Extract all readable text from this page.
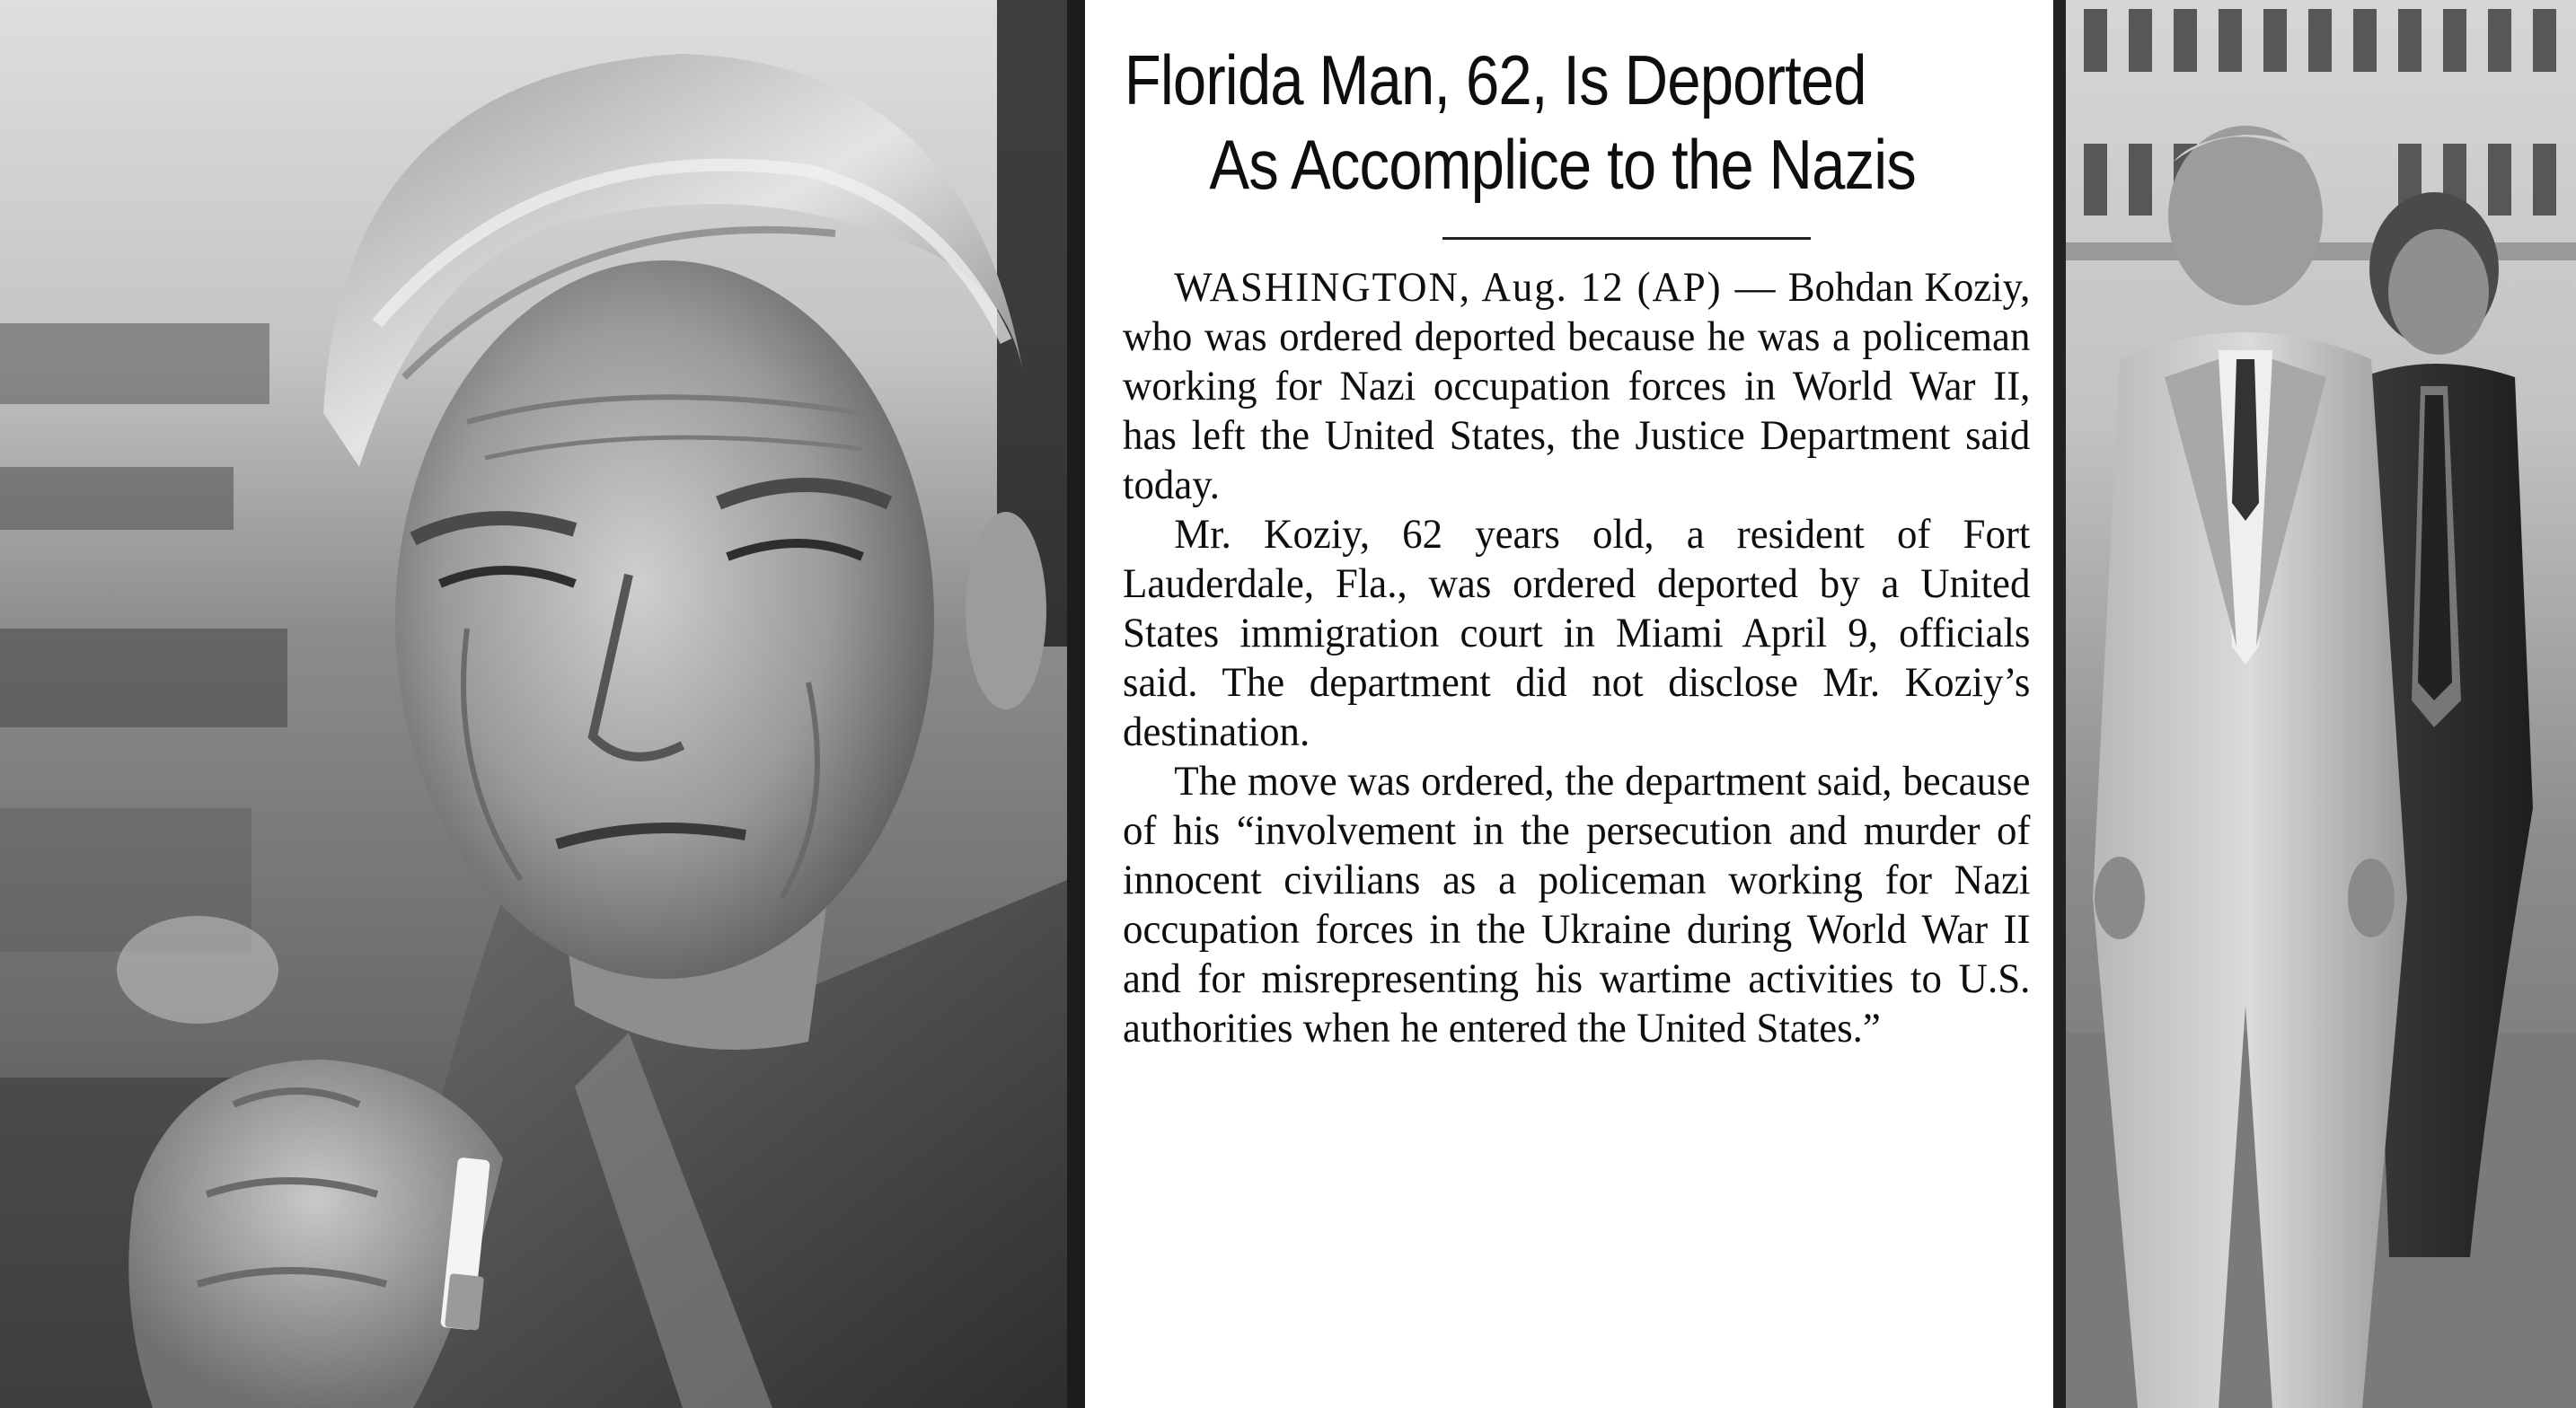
Florida Man, 62, Is Deported
As Accomplice to the Nazis

WASHINGTON, Aug. 12 (AP) — Bohdan Koziy, who was ordered deported because he was a policeman working for Nazi occupation forces in World War II, has left the United States, the Justice Department said today.

Mr. Koziy, 62 years old, a resident of Fort Lauderdale, Fla., was ordered deported by a United States immigration court in Miami April 9, officials said. The department did not disclose Mr. Koziy’s destination.

The move was ordered, the department said, because of his “involvement in the persecution and murder of innocent civilians as a policeman working for Nazi occupation forces in the Ukraine during World War II and for misrepresenting his wartime activities to U.S. authorities when he entered the United States.”
